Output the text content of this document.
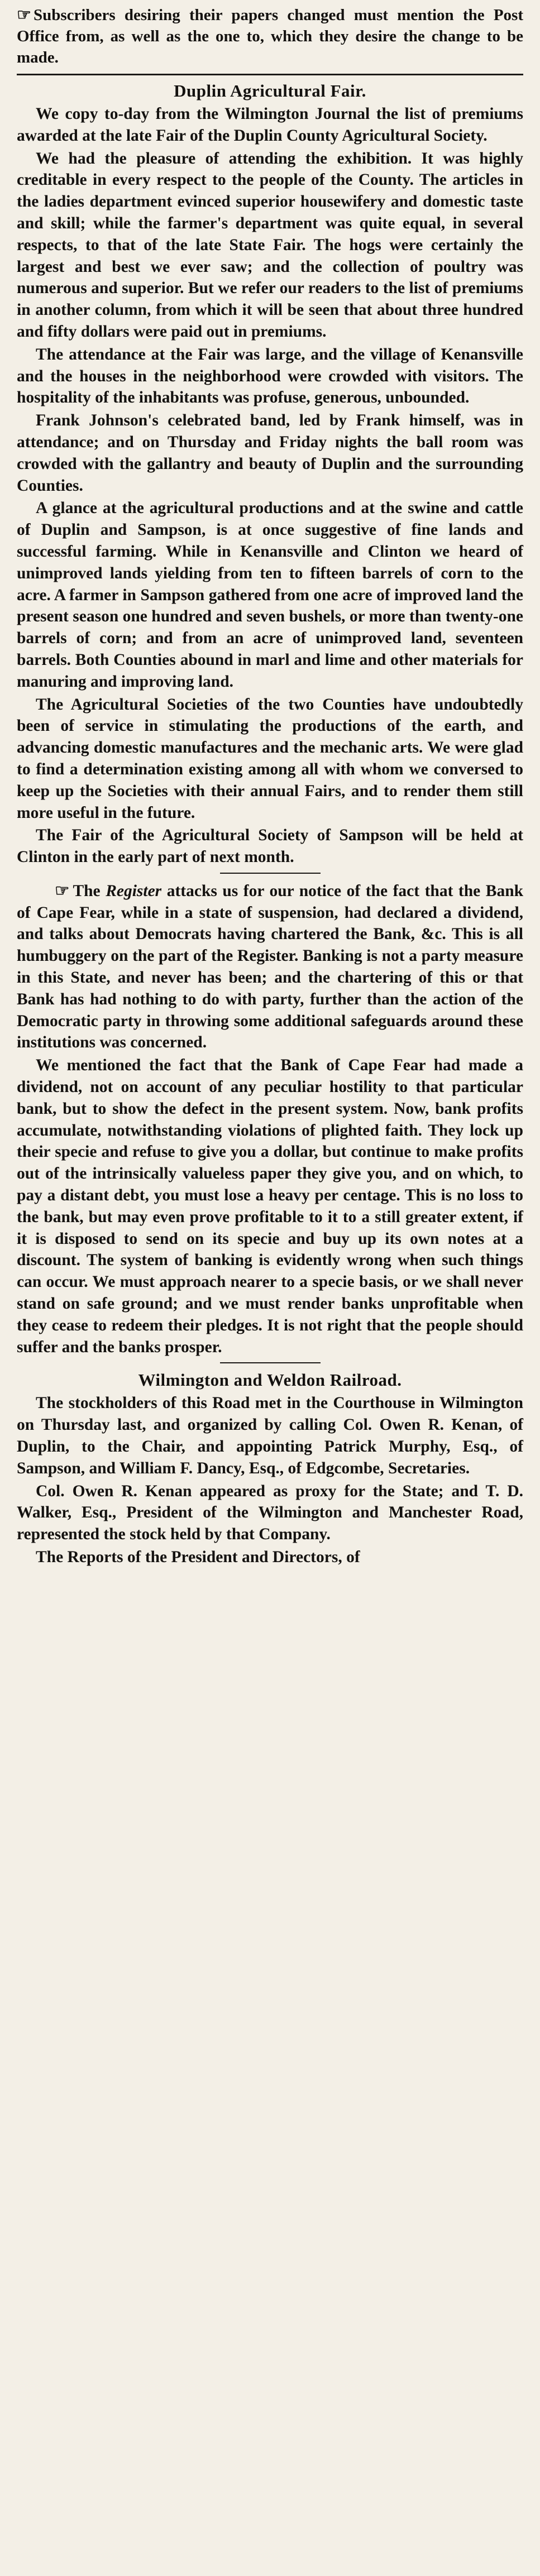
☞ Subscribers desiring their papers changed must mention the Post Office from, as well as the one to, which they desire the change to be made.

Duplin Agricultural Fair.

We copy to-day from the Wilmington Journal the list of premiums awarded at the late Fair of the Duplin County Agricultural Society.

We had the pleasure of attending the exhibition. It was highly creditable in every respect to the people of the County. The articles in the ladies department evinced superior housewifery and domestic taste and skill; while the farmer's department was quite equal, in several respects, to that of the late State Fair. The hogs were certainly the largest and best we ever saw; and the collection of poultry was numerous and superior. But we refer our readers to the list of premiums in another column, from which it will be seen that about three hundred and fifty dollars were paid out in premiums.

The attendance at the Fair was large, and the village of Kenansville and the houses in the neighborhood were crowded with visitors. The hospitality of the inhabitants was profuse, generous, unbounded.

Frank Johnson's celebrated band, led by Frank himself, was in attendance; and on Thursday and Friday nights the ball room was crowded with the gallantry and beauty of Duplin and the surrounding Counties.

A glance at the agricultural productions and at the swine and cattle of Duplin and Sampson, is at once suggestive of fine lands and successful farming. While in Kenansville and Clinton we heard of unimproved lands yielding from ten to fifteen barrels of corn to the acre. A farmer in Sampson gathered from one acre of improved land the present season one hundred and seven bushels, or more than twenty-one barrels of corn; and from an acre of unimproved land, seventeen barrels. Both Counties abound in marl and lime and other materials for manuring and improving land.

The Agricultural Societies of the two Counties have undoubtedly been of service in stimulating the productions of the earth, and advancing domestic manufactures and the mechanic arts. We were glad to find a determination existing among all with whom we conversed to keep up the Societies with their annual Fairs, and to render them still more useful in the future.

The Fair of the Agricultural Society of Sampson will be held at Clinton in the early part of next month.

☞ The Register attacks us for our notice of the fact that the Bank of Cape Fear, while in a state of suspension, had declared a dividend, and talks about Democrats having chartered the Bank, &c. This is all humbuggery on the part of the Register. Banking is not a party measure in this State, and never has been; and the chartering of this or that Bank has had nothing to do with party, further than the action of the Democratic party in throwing some additional safeguards around these institutions was concerned.

We mentioned the fact that the Bank of Cape Fear had made a dividend, not on account of any peculiar hostility to that particular bank, but to show the defect in the present system. Now, bank profits accumulate, notwithstanding violations of plighted faith. They lock up their specie and refuse to give you a dollar, but continue to make profits out of the intrinsically valueless paper they give you, and on which, to pay a distant debt, you must lose a heavy per centage. This is no loss to the bank, but may even prove profitable to it to a still greater extent, if it is disposed to send on its specie and buy up its own notes at a discount. The system of banking is evidently wrong when such things can occur. We must approach nearer to a specie basis, or we shall never stand on safe ground; and we must render banks unprofitable when they cease to redeem their pledges. It is not right that the people should suffer and the banks prosper.

Wilmington and Weldon Railroad.

The stockholders of this Road met in the Courthouse in Wilmington on Thursday last, and organized by calling Col. Owen R. Kenan, of Duplin, to the Chair, and appointing Patrick Murphy, Esq., of Sampson, and William F. Dancy, Esq., of Edgcombe, Secretaries.

Col. Owen R. Kenan appeared as proxy for the State; and T. D. Walker, Esq., President of the Wilmington and Manchester Road, represented the stock held by that Company.

The Reports of the President and Directors, of
